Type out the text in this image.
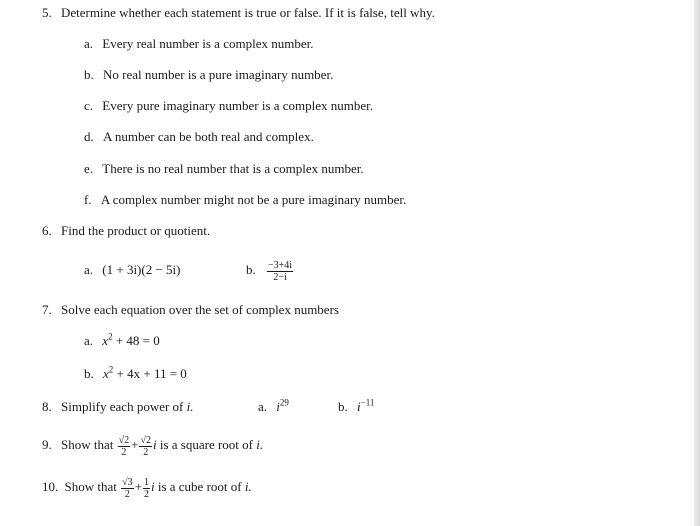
5. Determine whether each statement is true or false. If it is false, tell why.
a. Every real number is a complex number.
b. No real number is a pure imaginary number.
c. Every pure imaginary number is a complex number.
d. A number can be both real and complex.
e. There is no real number that is a complex number.
f. A complex number might not be a pure imaginary number.
6. Find the product or quotient.
a. (1 + 3i)(2 − 5i)	b. $\frac{-3+4i}{2-i}$
7. Solve each equation over the set of complex numbers
a. $x^2 + 48 = 0$
b. $x^2 + 4x + 11 = 0$
8. Simplify each power of i.	a. $i^{29}$	b. $i^{-11}$
9. Show that $\frac{√2}{2} + \frac{√2}{2}$ i is a square root of i.
10. Show that $\frac{√3}{2} + \frac{1}{2}$ i is a cube root of i.
